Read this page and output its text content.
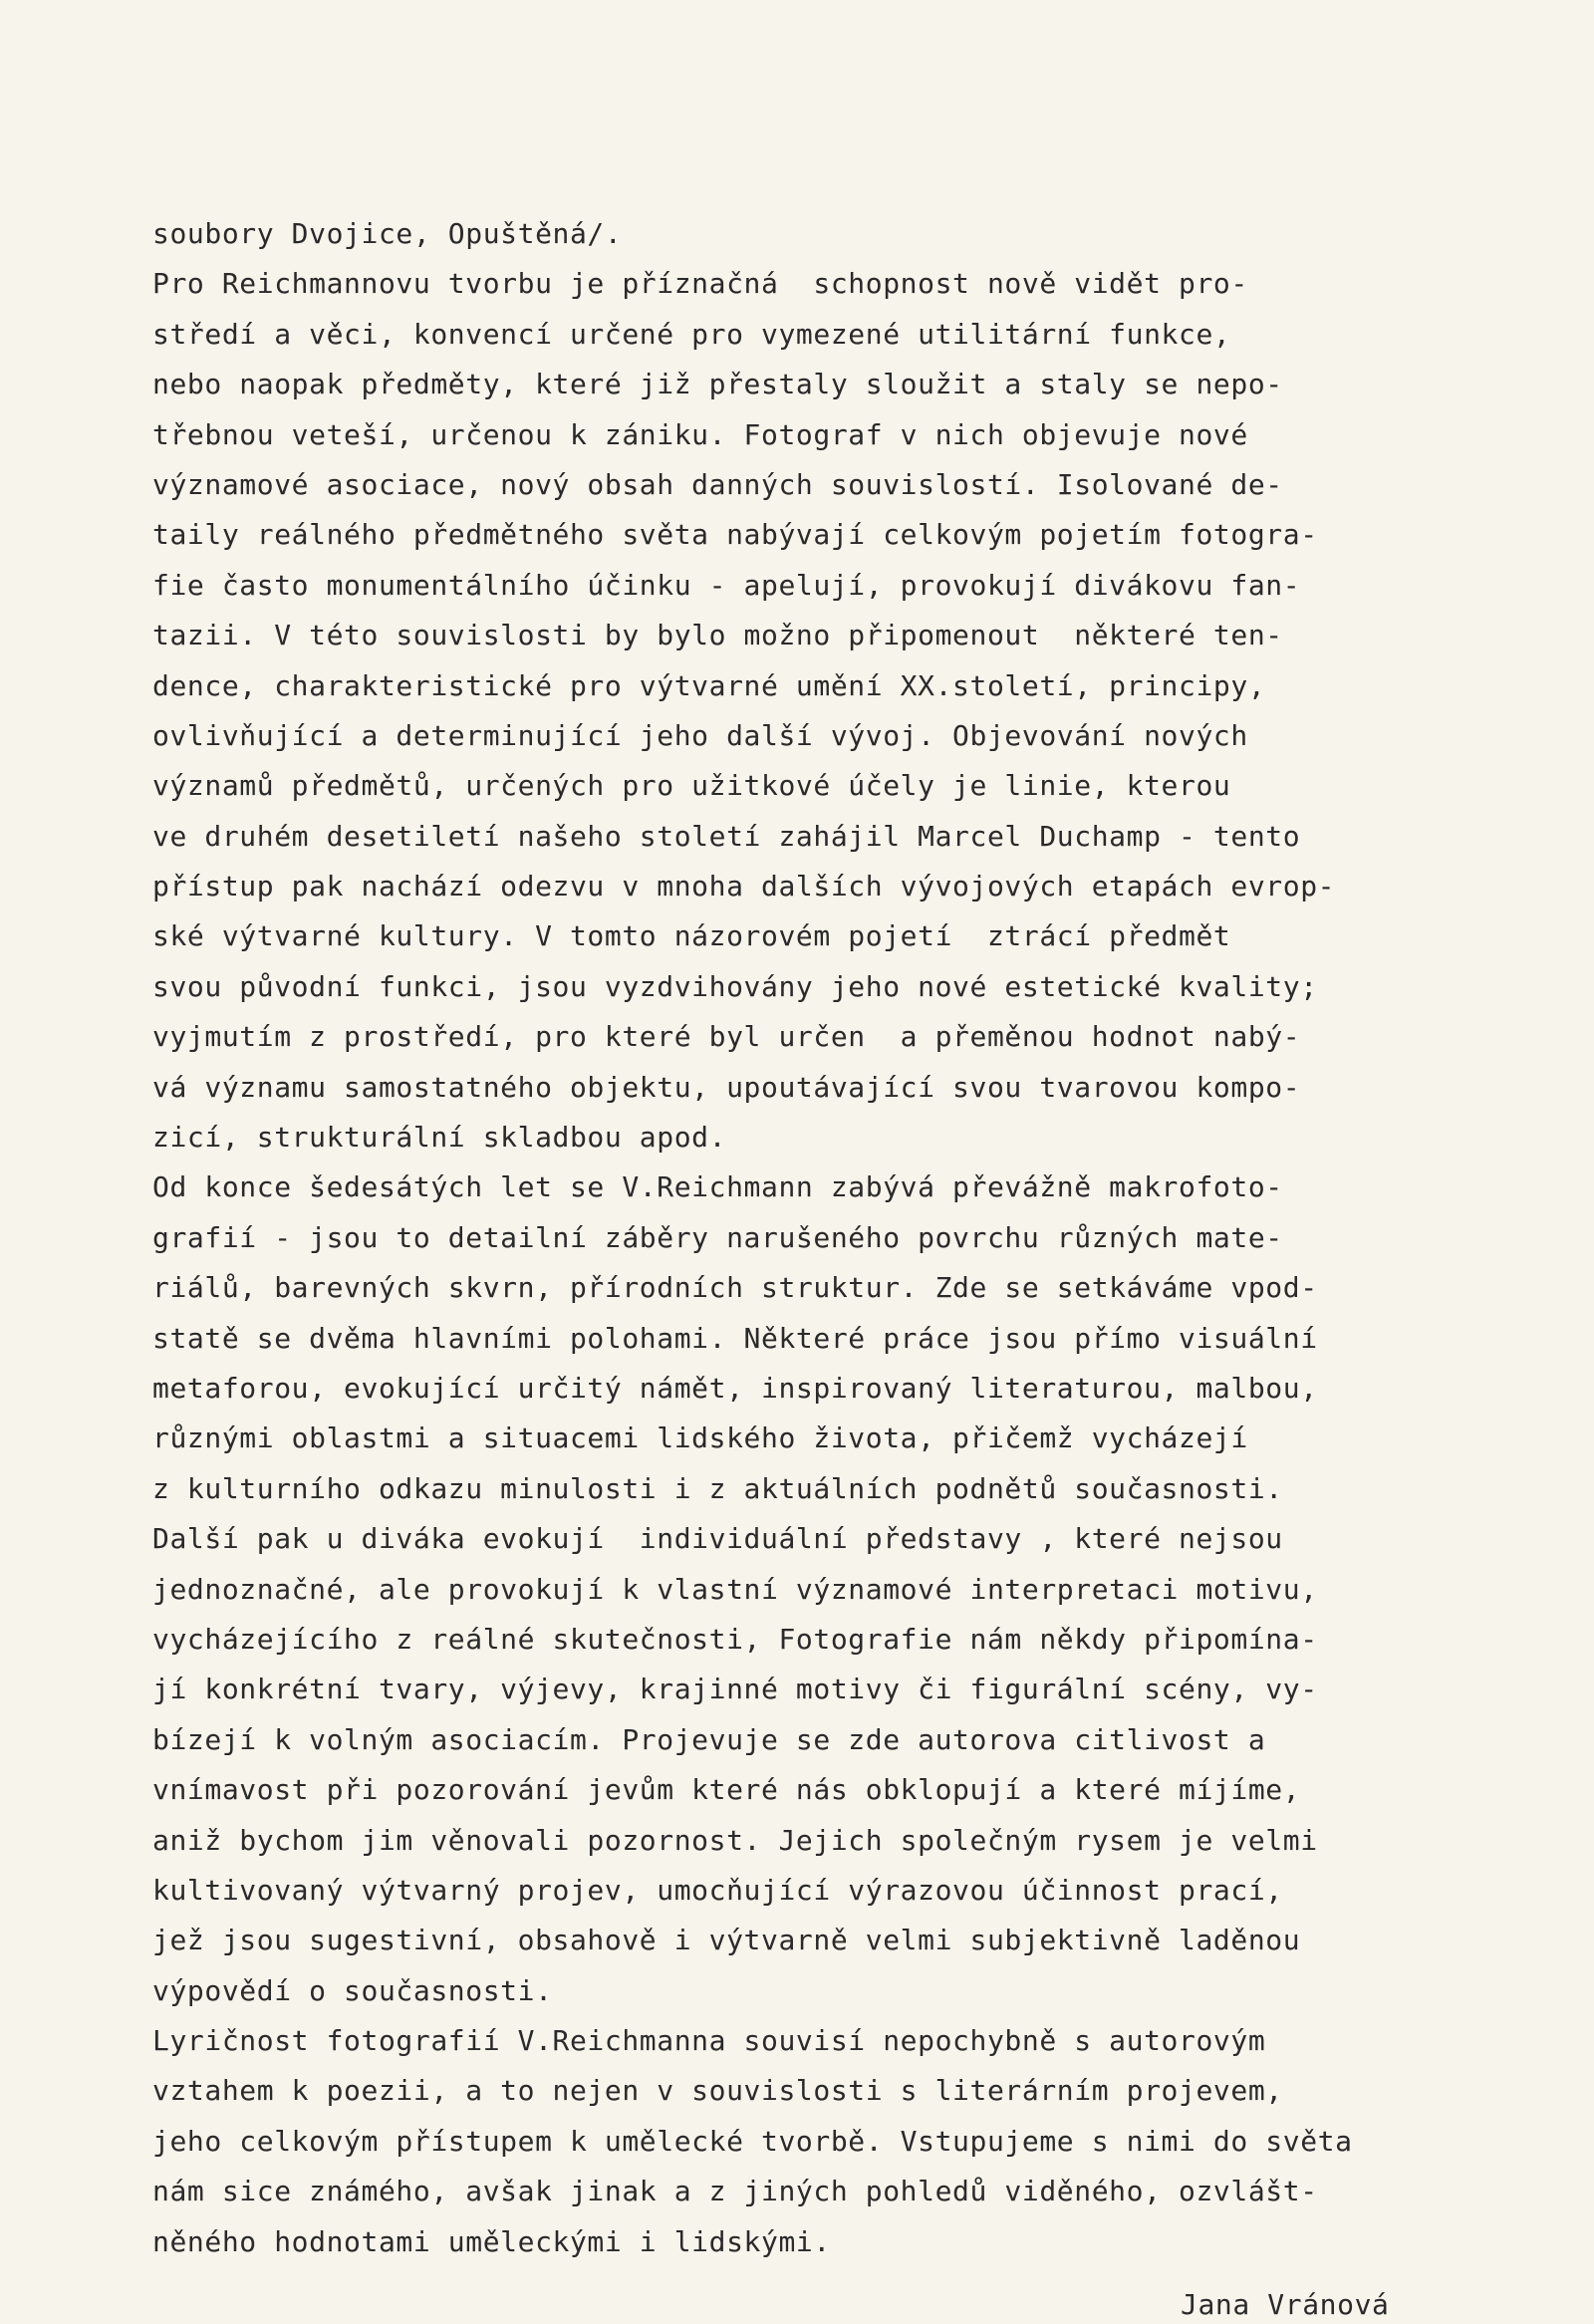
soubory Dvojice, Opuštěná/.
Pro Reichmannovu tvorbu je příznačná  schopnost nově vidět pro-
středí a věci, konvencí určené pro vymezené utilitární funkce,
nebo naopak předměty, které již přestaly sloužit a staly se nepo-
třebnou veteší, určenou k zániku. Fotograf v nich objevuje nové
významové asociace, nový obsah danných souvislostí. Isolované de-
taily reálného předmětného světa nabývají celkovým pojetím fotogra-
fie často monumentálního účinku - apelují, provokují divákovu fan-
tazii. V této souvislosti by bylo možno připomenout  některé ten-
dence, charakteristické pro výtvarné umění XX.století, principy,
ovlivňující a determinující jeho další vývoj. Objevování nových
významů předmětů, určených pro užitkové účely je linie, kterou
ve druhém desetiletí našeho století zahájil Marcel Duchamp - tento
přístup pak nachází odezvu v mnoha dalších vývojových etapách evrop-
ské výtvarné kultury. V tomto názorovém pojetí  ztrácí předmět
svou původní funkci, jsou vyzdvihovány jeho nové estetické kvality;
vyjmutím z prostředí, pro které byl určen  a přeměnou hodnot nabý-
vá významu samostatného objektu, upoutávající svou tvarovou kompo-
zicí, strukturální skladbou apod.
Od konce šedesátých let se V.Reichmann zabývá převážně makrofoto-
grafií - jsou to detailní záběry narušeného povrchu různých mate-
riálů, barevných skvrn, přírodních struktur. Zde se setkáváme vpod-
statě se dvěma hlavními polohami. Některé práce jsou přímo visuální
metaforou, evokující určitý námět, inspirovaný literaturou, malbou,
různými oblastmi a situacemi lidského života, přičemž vycházejí
z kulturního odkazu minulosti i z aktuálních podnětů současnosti.
Další pak u diváka evokují  individuální představy , které nejsou
jednoznačné, ale provokují k vlastní významové interpretaci motivu,
vycházejícího z reálné skutečnosti, Fotografie nám někdy připomína-
jí konkrétní tvary, výjevy, krajinné motivy či figurální scény, vy-
bízejí k volným asociacím. Projevuje se zde autorova citlivost a
vnímavost při pozorování jevům které nás obklopují a které míjíme,
aniž bychom jim věnovali pozornost. Jejich společným rysem je velmi
kultivovaný výtvarný projev, umocňující výrazovou účinnost prací,
jež jsou sugestivní, obsahově i výtvarně velmi subjektivně laděnou
výpovědí o současnosti.
Lyričnost fotografií V.Reichmanna souvisí nepochybně s autorovým
vztahem k poezii, a to nejen v souvislosti s literárním projevem,
jeho celkovým přístupem k umělecké tvorbě. Vstupujeme s nimi do světa
nám sice známého, avšak jinak a z jiných pohledů viděného, ozvlášt-
něného hodnotami uměleckými i lidskými.
Jana Vránová
